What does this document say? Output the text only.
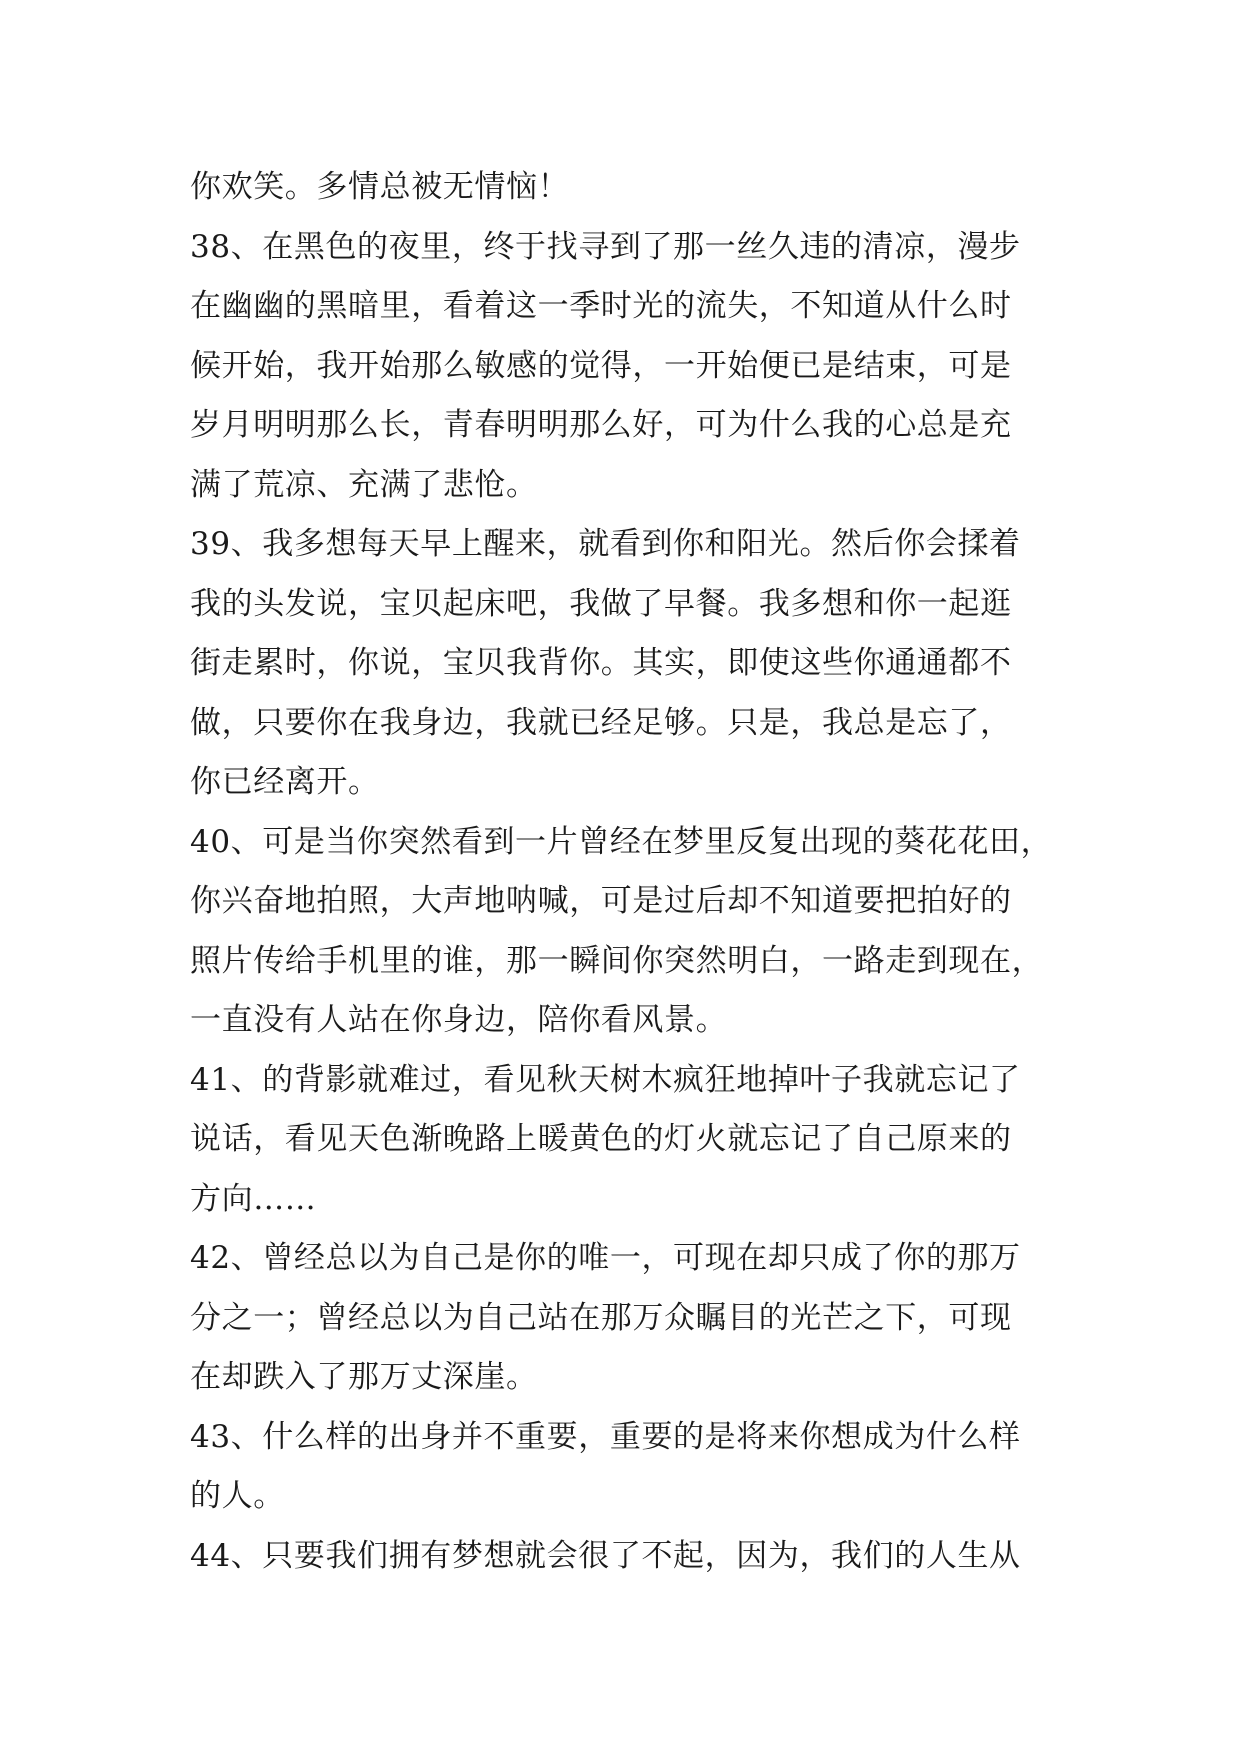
你欢笑。多情总被无情恼！
38、在黑色的夜里，终于找寻到了那一丝久违的清凉，漫步
在幽幽的黑暗里，看着这一季时光的流失，不知道从什么时
候开始，我开始那么敏感的觉得，一开始便已是结束，可是
岁月明明那么长，青春明明那么好，可为什么我的心总是充
满了荒凉、充满了悲怆。
39、我多想每天早上醒来，就看到你和阳光。然后你会揉着
我的头发说，宝贝起床吧，我做了早餐。我多想和你一起逛
街走累时，你说，宝贝我背你。其实，即使这些你通通都不
做，只要你在我身边，我就已经足够。只是，我总是忘了，
你已经离开。
40、可是当你突然看到一片曾经在梦里反复出现的葵花花田，
你兴奋地拍照，大声地呐喊，可是过后却不知道要把拍好的
照片传给手机里的谁，那一瞬间你突然明白，一路走到现在，
一直没有人站在你身边，陪你看风景。
41、的背影就难过，看见秋天树木疯狂地掉叶子我就忘记了
说话，看见天色渐晚路上暖黄色的灯火就忘记了自己原来的
方向……
42、曾经总以为自己是你的唯一，可现在却只成了你的那万
分之一；曾经总以为自己站在那万众瞩目的光芒之下，可现
在却跌入了那万丈深崖。
43、什么样的出身并不重要，重要的是将来你想成为什么样
的人。
44、只要我们拥有梦想就会很了不起，因为，我们的人生从
